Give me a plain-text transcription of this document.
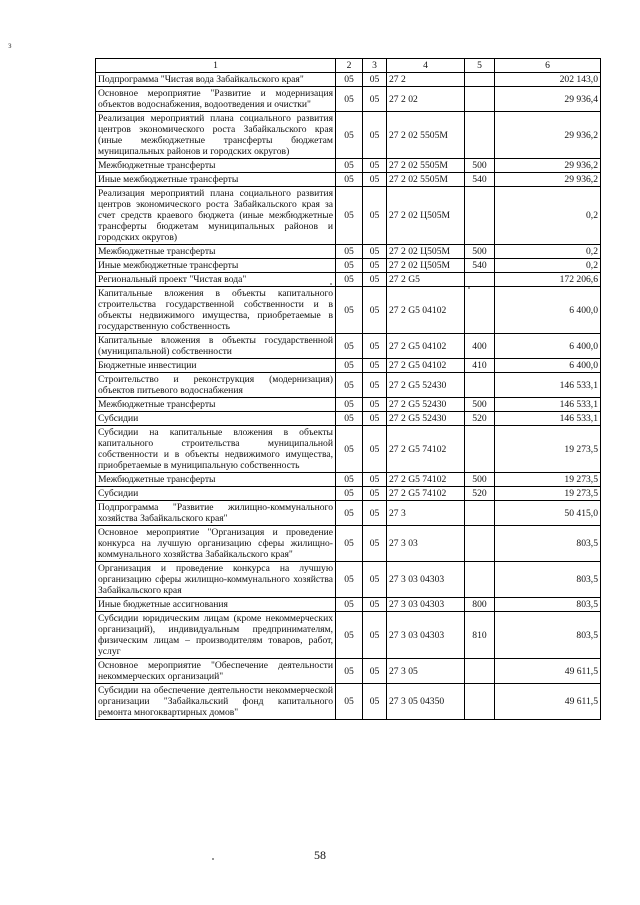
з
1	2	3	4	5	6
Подпрограмма "Чистая вода Забайкальского края"	05	05	27 2		202 143,0
Основное мероприятие "Развитие и модернизация объектов водоснабжения, водоотведения и очистки"	05	05	27 2 02		29 936,4
Реализация мероприятий плана социального развития центров экономического роста Забайкальского края (иные межбюджетные трансферты бюджетам муниципальных районов и городских округов)	05	05	27 2 02 5505М		29 936,2
Межбюджетные трансферты	05	05	27 2 02 5505М	500	29 936,2
Иные межбюджетные трансферты	05	05	27 2 02 5505М	540	29 936,2
Реализация мероприятий плана социального развития центров экономического роста Забайкальского края за счет средств краевого бюджета (иные межбюджетные трансферты бюджетам муниципальных районов и городских округов)	05	05	27 2 02 Ц505М		0,2
Межбюджетные трансферты	05	05	27 2 02 Ц505М	500	0,2
Иные межбюджетные трансферты	05	05	27 2 02 Ц505М	540	0,2
Региональный проект "Чистая вода"	05	05	27 2 G5		172 206,6
Капитальные вложения в объекты капитального строительства государственной собственности и в объекты недвижимого имущества, приобретаемые в государственную собственность	05	05	27 2 G5 04102		6 400,0
Капитальные вложения в объекты государственной (муниципальной) собственности	05	05	27 2 G5 04102	400	6 400,0
Бюджетные инвестиции	05	05	27 2 G5 04102	410	6 400,0
Строительство и реконструкция (модернизация) объектов питьевого водоснабжения	05	05	27 2 G5 52430		146 533,1
Межбюджетные трансферты	05	05	27 2 G5 52430	500	146 533,1
Субсидии	05	05	27 2 G5 52430	520	146 533,1
Субсидии на капитальные вложения в объекты капитального строительства муниципальной собственности и в объекты недвижимого имущества, приобретаемые в муниципальную собственность	05	05	27 2 G5 74102		19 273,5
Межбюджетные трансферты	05	05	27 2 G5 74102	500	19 273,5
Субсидии	05	05	27 2 G5 74102	520	19 273,5
Подпрограмма "Развитие жилищно-коммунального хозяйства Забайкальского края"	05	05	27 3		50 415,0
Основное мероприятие "Организация и проведение конкурса на лучшую организацию сферы жилищно-коммунального хозяйства Забайкальского края"	05	05	27 3 03		803,5
Организация и проведение конкурса на лучшую организацию сферы жилищно-коммунального хозяйства Забайкальского края	05	05	27 3 03 04303		803,5
Иные бюджетные ассигнования	05	05	27 3 03 04303	800	803,5
Субсидии юридическим лицам (кроме некоммерческих организаций), индивидуальным предпринимателям, физическим лицам – производителям товаров, работ, услуг	05	05	27 3 03 04303	810	803,5
Основное мероприятие "Обеспечение деятельности некоммерческих организаций"	05	05	27 3 05		49 611,5
Субсидии на обеспечение деятельности некоммерческой организации "Забайкальский фонд капитального ремонта многоквартирных домов"	05	05	27 3 05 04350		49 611,5
58
